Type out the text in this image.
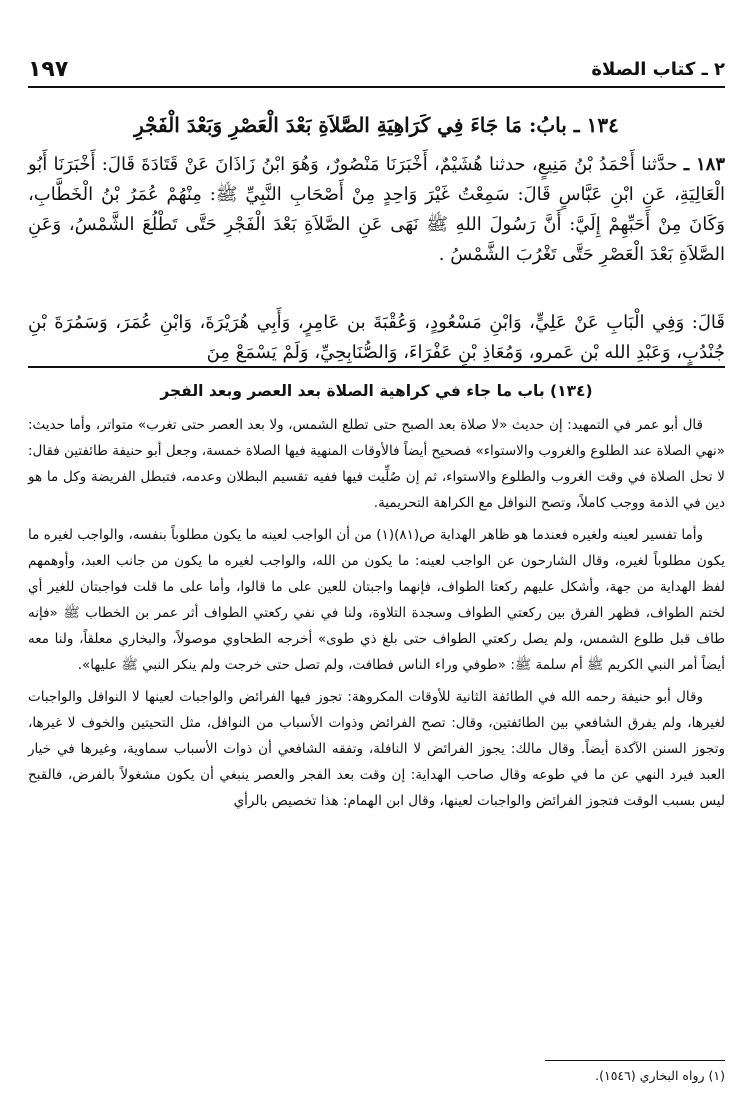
٢ ـ كتاب الصلاة
١٩٧
١٣٤ ـ بابُ: مَا جَاءَ فِي كَرَاهِيَةِ الصَّلاَةِ بَعْدَ الْعَصْرِ وَبَعْدَ الْفَجْرِ

١٨٣ ـ حدَّثنا أَحْمَدُ بْنُ مَنِيعٍ، حدثنا هُشَيْمٌ، أَخْبَرَنَا مَنْصُورٌ، وَهُوَ ابْنُ زَاذَانَ عَنْ قَتَادَةَ قَالَ: أَخْبَرَنَا أَبُو الْعَالِيَةِ، عَنِ ابْنِ عَبَّاسٍ قَالَ: سَمِعْتُ غَيْرَ وَاحِدٍ مِنْ أَصْحَابِ النَّبِيِّ ﷺ: مِنْهُمْ عُمَرُ بْنُ الْخَطَّابِ، وَكَانَ مِنْ أَحَبِّهِمْ إِلَيَّ: أَنَّ رَسُولَ اللهِ ﷺ نَهَى عَنِ الصَّلاَةِ بَعْدَ الْفَجْرِ حَتَّى تَطْلُعَ الشَّمْسُ، وَعَنِ الصَّلاَةِ بَعْدَ الْعَصْرِ حَتَّى تَغْرُبَ الشَّمْسُ .

قَالَ: وَفِي الْبَابِ عَنْ عَلِيٍّ، وَابْنِ مَسْعُودٍ، وَعُقْبَةَ بن عَامِرٍ، وَأَبِي هُرَيْرَةَ، وَابْنِ عُمَرَ، وَسَمُرَةَ بْنِ جُنْدُبٍ، وَعَبْدِ الله بْن عَمرو، وَمُعَاذِ بْنِ عَفْرَاءَ، وَالصُّنَابِحِيِّ، وَلَمْ يَسْمَعْ مِنَ

(١٣٤) باب ما جاء في كراهية الصلاة بعد العصر وبعد الفجر

قال أبو عمر في التمهيد: إن حديث «لا صلاة بعد الصبح حتى تطلع الشمس، ولا بعد العصر حتى تغرب» متواتر، وأما حديث: «نهي الصلاة عند الطلوع والغروب والاستواء» فصحيح أيضاً فالأوقات المنهية فيها الصلاة خمسة، وجعل أبو حنيفة طائفتين فقال: لا تحل الصلاة في وقت الغروب والطلوع والاستواء، ثم إن صُلِّيت فيها ففيه تقسيم البطلان وعدمه، فتبطل الفريضة وكل ما هو دين في الذمة ووجب كاملاً، وتصح النوافل مع الكراهة التحريمية.

وأما تفسير لعينه ولغيره فعندما هو ظاهر الهداية ص(٨١)(١) من أن الواجب لعينه ما يكون مطلوباً بنفسه، والواجب لغيره ما يكون مطلوباً لغيره، وقال الشارحون عن الواجب لعينه: ما يكون من الله، والواجب لغيره ما يكون من جانب العبد، وأوهمهم لفظ الهداية من جهة، وأشكل عليهم ركعتا الطواف، فإنهما واجبتان للعين على ما قالوا، وأما على ما قلت فواجبتان للغير أي لختم الطواف، فظهر الفرق بين ركعتي الطواف وسجدة التلاوة، ولنا في نفي ركعتي الطواف أثر عمر بن الخطاب ﷺ «فإنه طاف قبل طلوع الشمس، ولم يصل ركعتي الطواف حتى بلغ ذي طوى» أخرجه الطحاوي موصولاً، والبخاري معلقاً، ولنا معه أيضاً أمر النبي الكريم ﷺ أم سلمة ﷺ: «طوفي وراء الناس فطافت، ولم تصل حتى خرجت ولم ينكر النبي ﷺ عليها».

وقال أبو حنيفة رحمه الله في الطائفة الثانية للأوقات المكروهة: تجوز فيها الفرائض والواجبات لعينها لا النوافل والواجبات لغيرها، ولم يفرق الشافعي بين الطائفتين، وقال: تصح الفرائض وذوات الأسباب من النوافل، مثل التحيتين والخوف لا غيرها، وتجوز السنن الآكدة أيضاً. وقال مالك: يجوز الفرائض لا النافلة، وتفقه الشافعي أن ذوات الأسباب سماوية، وغيرها في خيار العبد فيرد النهي عن ما في طوعه وقال صاحب الهداية: إن وقت بعد الفجر والعصر ينبغي أن يكون مشغولاً بالفرض، فالقبح ليس بسبب الوقت فتجوز الفرائض والواجبات لعينها، وقال ابن الهمام: هذا تخصيص بالرأي

(١) رواه البخاري (١٥٤٦).
